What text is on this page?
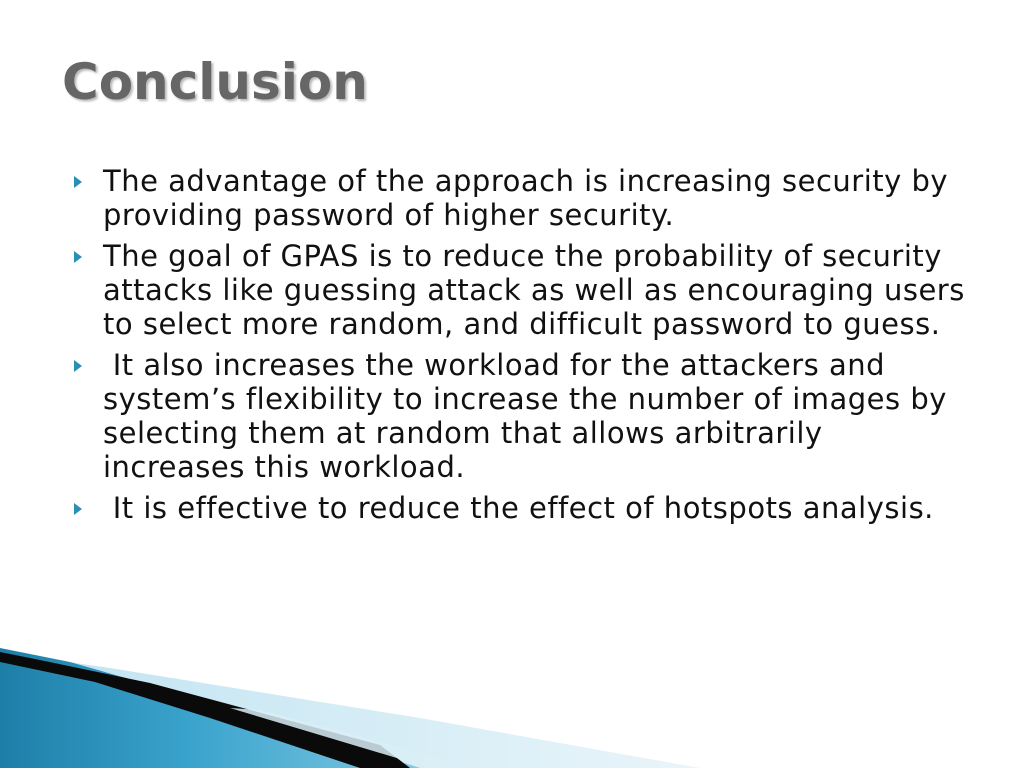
Conclusion
The advantage of the approach is increasing security by providing password of higher security.
The goal of GPAS is to reduce the probability of security attacks like guessing attack as well as encouraging users to select more random, and difficult password to guess.
It also increases the workload for the attackers and system’s flexibility to increase the number of images by selecting them at random that allows arbitrarily increases this workload.
It is effective to reduce the effect of hotspots analysis.
